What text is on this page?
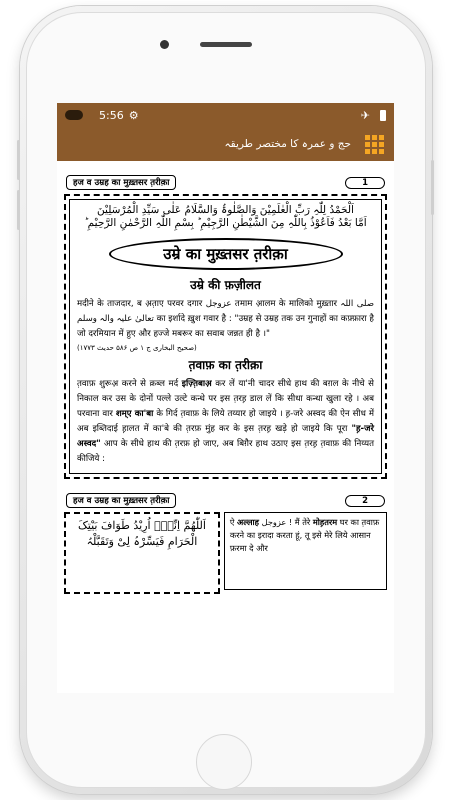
5:56 ⚙	✈
حج و عمرہ کا مختصر طریقہ
हज व उम्रह का मुख़्तसर त़रीक़ा	1
اَلْحَمْدُ لِلّٰہِ رَبِّ الْعٰلَمِیْنَ وَالصَّلٰوۃُ وَالسَّلَامُ عَلٰی سَیِّدِ الْمُرْسَلِیْنَ
اَمَّا بَعْدُ فَاَعُوْذُ بِاللّٰہِ مِنَ الشَّیْطٰنِ الرَّجِیْمِ ؕ بِسْمِ اللّٰہِ الرَّحْمٰنِ الرَّحِیْمِ ؕ
उम्रे का मुख़्तसर त़रीक़ा
उम्रे की फ़ज़ीलत
मदीने के ताजदार, ब अ़त़ाए परवर दगार عزوجل तमाम आ़लम के मालिको मुख़्तार صلی اللہ تعالیٰ علیہ والہ وسلم का इर्शादे ख़ुश गवार है : "उम्रह से उम्रह तक उन गुनाहों का कफ़्फ़ारा है जो दरमियान में हुए और हज्जे मबरूर का सवाब जन्नत ही है ।"
(صحیح البخاری ج ۱ ص ۵۸۶ حدیث ۱۷۷۳)
त़वाफ़ का त़रीक़ा
त़वाफ़ शुरूअ़ करने से क़ब्ल मर्द इज़्त़िबाअ़ कर लें या'नी चादर सीधे हाथ की बग़ल के नीचे से निकाल कर उस के दोनों पल्ले उल्टे कन्धे पर इस त़रह़ डाल लें कि सीधा कन्धा खुला रहे । अब परवाना वार शम्ए का'बा के गिर्द त़वाफ़ के लिये तय्यार हो जाइये । ह़-जरे अस्वद की ऐन सीध में अब इब्तिदाई ह़ालत में का'बे की त़रफ़ मुंह कर के इस त़रह़ खड़े हो जाइये कि पूरा "ह़-जरे अस्वद" आप के सीधे हाथ की त़रफ़ हो जाए, अब बिग़ैर हाथ उठाए इस त़रह़ त़वाफ़ की निय्यत कीजिये :
हज व उम्रह का मुख़्तसर त़रीक़ा	2
اَللّٰھُمَّ اِنِّیْۤ اُرِیْدُ طَوَافَ بَیْتِکَ الْحَرَامِ فَیَسِّرْہُ لِیْ وَتَقَبَّلْہُ
ऐ अल्लाह عزوجل ! मैं तेरे मोह़तरम घर का त़वाफ़ करने का इरादा करता हूं, तू इसे मेरे लिये आसान फ़रमा दे और
